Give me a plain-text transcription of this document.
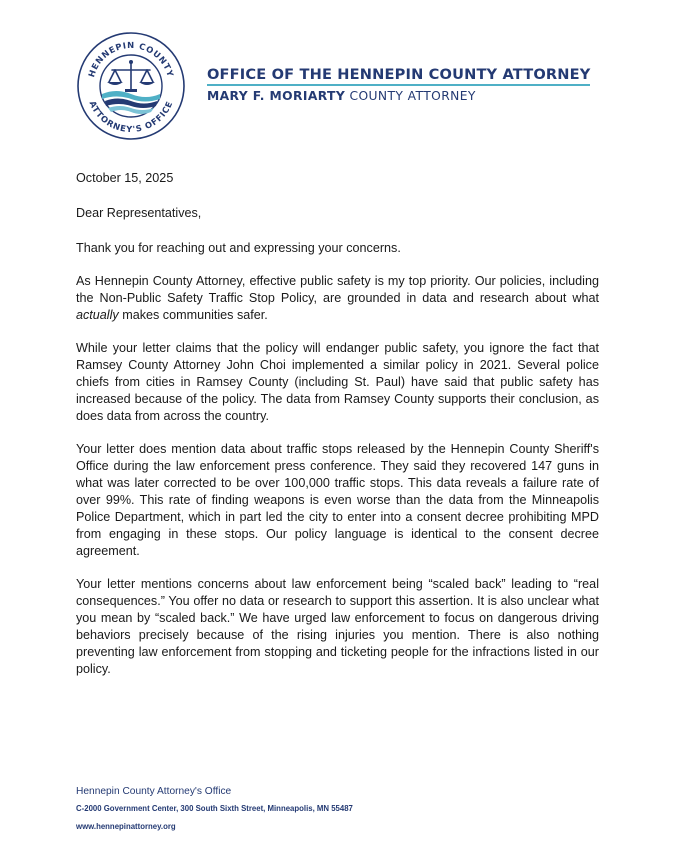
HENNEPIN COUNTY
ATTORNEY'S OFFICE
OFFICE OF THE HENNEPIN COUNTY ATTORNEY
MARY F. MORIARTY COUNTY ATTORNEY

October 15, 2025

Dear Representatives,

Thank you for reaching out and expressing your concerns.

As Hennepin County Attorney, effective public safety is my top priority. Our policies, including the Non-Public Safety Traffic Stop Policy, are grounded in data and research about what actually makes communities safer.

While your letter claims that the policy will endanger public safety, you ignore the fact that Ramsey County Attorney John Choi implemented a similar policy in 2021. Several police chiefs from cities in Ramsey County (including St. Paul) have said that public safety has increased because of the policy. The data from Ramsey County supports their conclusion, as does data from across the country.

Your letter does mention data about traffic stops released by the Hennepin County Sheriff's Office during the law enforcement press conference. They said they recovered 147 guns in what was later corrected to be over 100,000 traffic stops. This data reveals a failure rate of over 99%. This rate of finding weapons is even worse than the data from the Minneapolis Police Department, which in part led the city to enter into a consent decree prohibiting MPD from engaging in these stops. Our policy language is identical to the consent decree agreement.

Your letter mentions concerns about law enforcement being “scaled back” leading to “real consequences.” You offer no data or research to support this assertion. It is also unclear what you mean by “scaled back.” We have urged law enforcement to focus on dangerous driving behaviors precisely because of the rising injuries you mention. There is also nothing preventing law enforcement from stopping and ticketing people for the infractions listed in our policy.

Hennepin County Attorney's Office
C-2000 Government Center, 300 South Sixth Street, Minneapolis, MN 55487
www.hennepinattorney.org
